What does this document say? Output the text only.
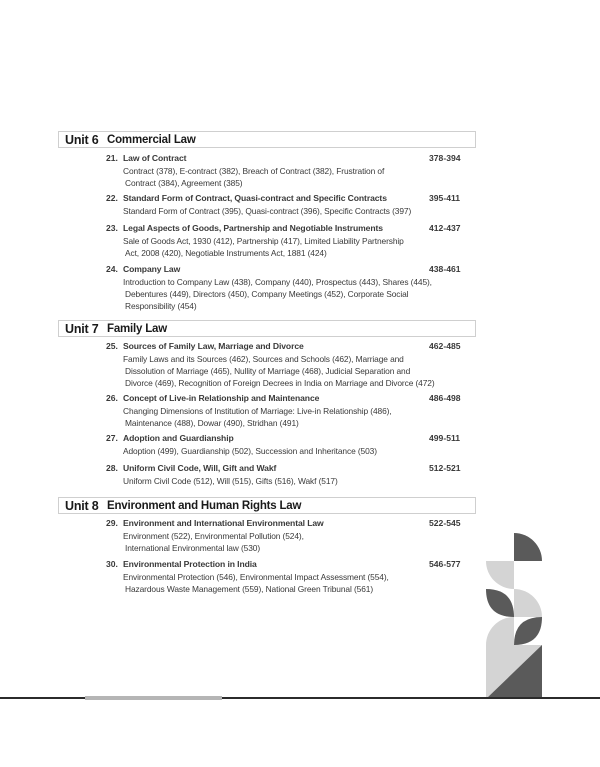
Unit 6 Commercial Law
21. Law of Contract	378-394
Contract (378), E-contract (382), Breach of Contract (382), Frustration of
Contract (384), Agreement (385)
22. Standard Form of Contract, Quasi-contract and Specific Contracts	395-411
Standard Form of Contract (395), Quasi-contract (396), Specific Contracts (397)
23. Legal Aspects of Goods, Partnership and Negotiable Instruments	412-437
Sale of Goods Act, 1930 (412), Partnership (417), Limited Liability Partnership
Act, 2008 (420), Negotiable Instruments Act, 1881 (424)
24. Company Law	438-461
Introduction to Company Law (438), Company (440), Prospectus (443), Shares (445),
Debentures (449), Directors (450), Company Meetings (452), Corporate Social
Responsibility (454)
Unit 7 Family Law
25. Sources of Family Law, Marriage and Divorce	462-485
Family Laws and its Sources (462), Sources and Schools (462), Marriage and
Dissolution of Marriage (465), Nullity of Marriage (468), Judicial Separation and
Divorce (469), Recognition of Foreign Decrees in India on Marriage and Divorce (472)
26. Concept of Live-in Relationship and Maintenance	486-498
Changing Dimensions of Institution of Marriage: Live-in Relationship (486),
Maintenance (488), Dowar (490), Stridhan (491)
27. Adoption and Guardianship	499-511
Adoption (499), Guardianship (502), Succession and Inheritance (503)
28. Uniform Civil Code, Will, Gift and Wakf	512-521
Uniform Civil Code (512), Will (515), Gifts (516), Wakf (517)
Unit 8 Environment and Human Rights Law
29. Environment and International Environmental Law	522-545
Environment (522), Environmental Pollution (524),
International Environmental law (530)
30. Environmental Protection in India	546-577
Environmental Protection (546), Environmental Impact Assessment (554),
Hazardous Waste Management (559), National Green Tribunal (561)
